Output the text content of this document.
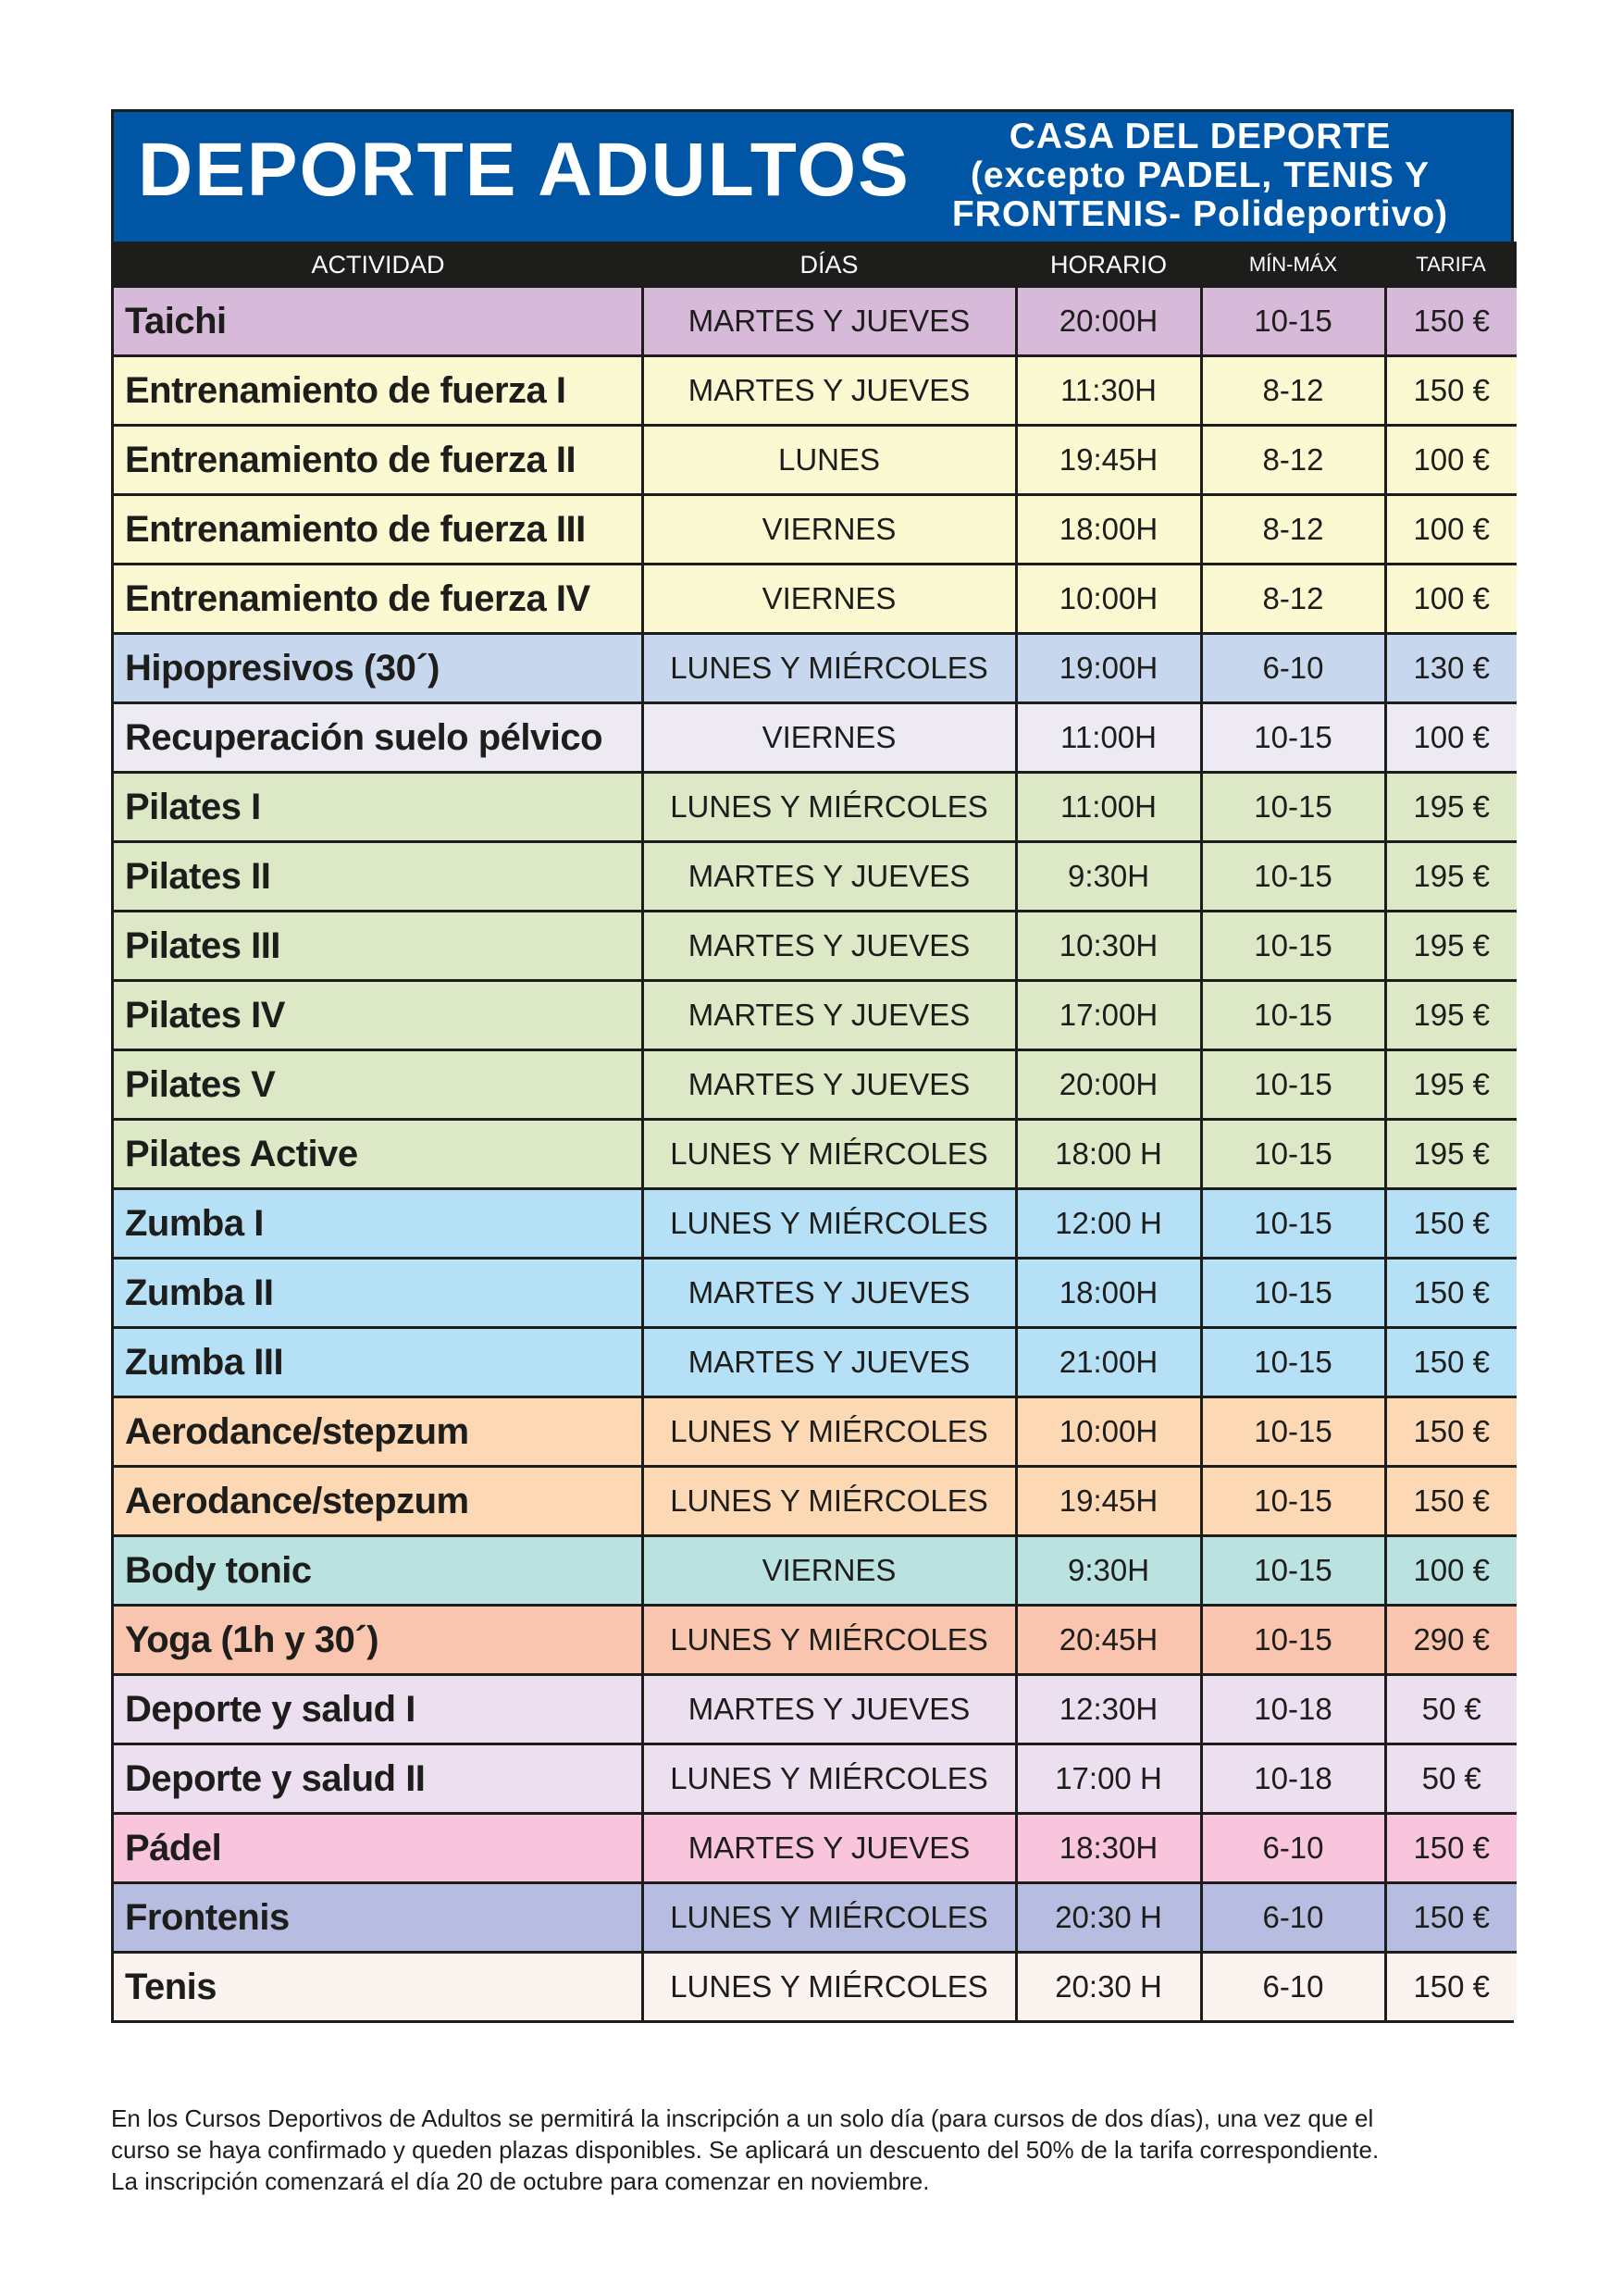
DEPORTE ADULTOS	CASA DEL DEPORTE
(excepto PADEL, TENIS Y
FRONTENIS- Polideportivo)
ACTIVIDAD	DÍAS	HORARIO	MÍN-MÁX	TARIFA
Taichi	MARTES Y JUEVES	20:00H	10-15	150 €
Entrenamiento de fuerza I	MARTES Y JUEVES	11:30H	8-12	150 €
Entrenamiento de fuerza II	LUNES	19:45H	8-12	100 €
Entrenamiento de fuerza III	VIERNES	18:00H	8-12	100 €
Entrenamiento de fuerza IV	VIERNES	10:00H	8-12	100 €
Hipopresivos (30´)	LUNES Y MIÉRCOLES	19:00H	6-10	130 €
Recuperación suelo pélvico	VIERNES	11:00H	10-15	100 €
Pilates I	LUNES Y MIÉRCOLES	11:00H	10-15	195 €
Pilates II	MARTES Y JUEVES	9:30H	10-15	195 €
Pilates III	MARTES Y JUEVES	10:30H	10-15	195 €
Pilates IV	MARTES Y JUEVES	17:00H	10-15	195 €
Pilates V	MARTES Y JUEVES	20:00H	10-15	195 €
Pilates Active	LUNES Y MIÉRCOLES	18:00 H	10-15	195 €
Zumba I	LUNES Y MIÉRCOLES	12:00 H	10-15	150 €
Zumba II	MARTES Y JUEVES	18:00H	10-15	150 €
Zumba III	MARTES Y JUEVES	21:00H	10-15	150 €
Aerodance/stepzum	LUNES Y MIÉRCOLES	10:00H	10-15	150 €
Aerodance/stepzum	LUNES Y MIÉRCOLES	19:45H	10-15	150 €
Body tonic	VIERNES	9:30H	10-15	100 €
Yoga (1h y 30´)	LUNES Y MIÉRCOLES	20:45H	10-15	290 €
Deporte y salud I	MARTES Y JUEVES	12:30H	10-18	50 €
Deporte y salud II	LUNES Y MIÉRCOLES	17:00 H	10-18	50 €
Pádel	MARTES Y JUEVES	18:30H	6-10	150 €
Frontenis	LUNES Y MIÉRCOLES	20:30 H	6-10	150 €
Tenis	LUNES Y MIÉRCOLES	20:30 H	6-10	150 €
En los Cursos Deportivos de Adultos se permitirá la inscripción a un solo día (para cursos de dos días), una vez que el
curso se haya confirmado y queden plazas disponibles. Se aplicará un descuento del 50% de la tarifa correspondiente.
La inscripción comenzará el día 20 de octubre para comenzar en noviembre.
